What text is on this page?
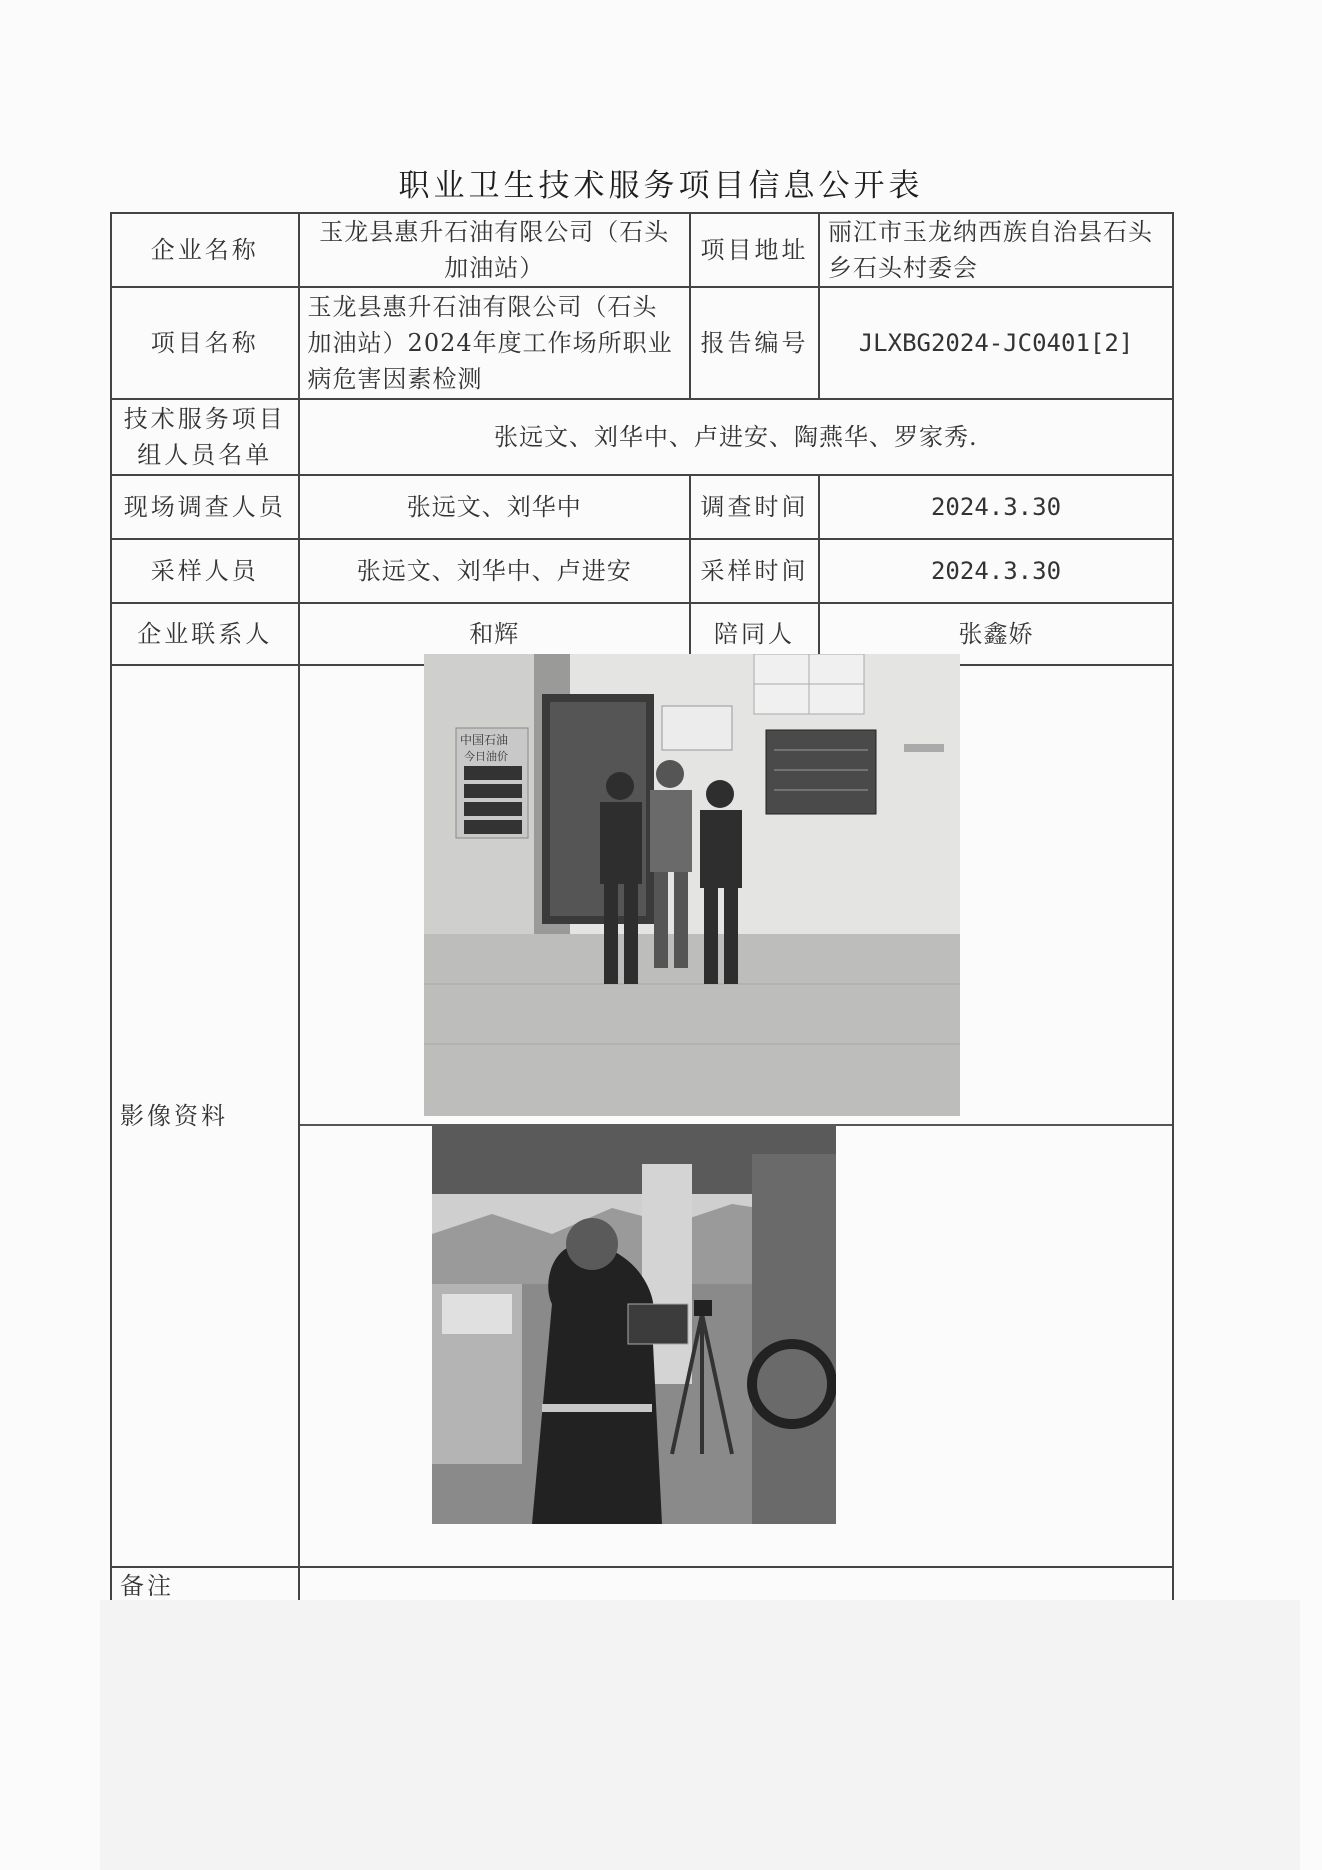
职业卫生技术服务项目信息公开表
企业名称	玉龙县惠升石油有限公司（石头加油站）	项目地址	丽江市玉龙纳西族自治县石头乡石头村委会
项目名称	玉龙县惠升石油有限公司（石头加油站）2024年度工作场所职业病危害因素检测	报告编号	JLXBG2024-JC0401[2]
技术服务项目组人员名单	张远文、刘华中、卢进安、陶燕华、罗家秀.		
现场调查人员	张远文、刘华中	调查时间	2024.3.30
采样人员	张远文、刘华中、卢进安	采样时间	2024.3.30
企业联系人	和辉	陪同人	张鑫娇
影像资料	中国石油
今日油价		

备注			
